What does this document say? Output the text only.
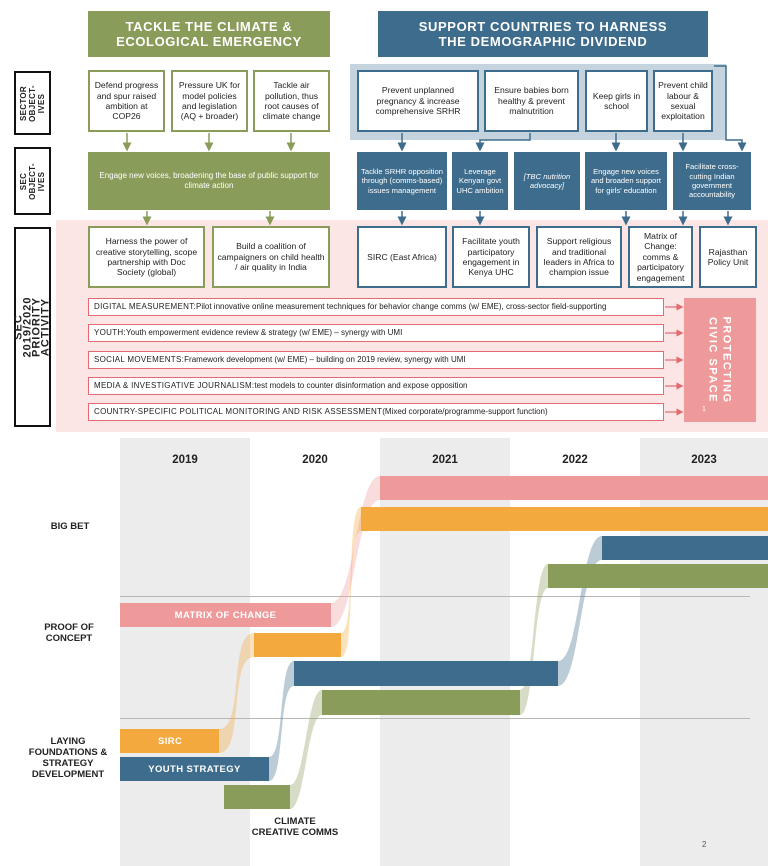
TACKLE THE CLIMATE & ECOLOGICAL EMERGENCY
SUPPORT COUNTRIES TO HARNESS THE DEMOGRAPHIC DIVIDEND
SECTOR OBJECT- IVES
SEC OBJECT- IVES
SEC 2019/2020 PRIORITY ACTIVITY
Defend progress and spur raised ambition at COP26
Pressure UK for model policies and legislation (AQ + broader)
Tackle air pollution, thus root causes of climate change
Prevent unplanned pregnancy & increase comprehensive SRHR
Ensure babies born healthy & prevent malnutrition
Keep girls in school
Prevent child labour & sexual exploitation
Engage new voices, broadening the base of public support for climate action
Tackle SRHR opposition through (comms-based) issues management
Leverage Kenyan govt UHC ambition
[TBC nutrition advocacy]
Engage new voices and broaden support for girls' education
Facilitate cross-cutting Indian government accountability
Harness the power of creative storytelling, scope partnership with Doc Society (global)
Build a coalition of campaigners on child health / air quality in India
SIRC (East Africa)
Facilitate youth participatory engagement in Kenya UHC
Support religious and traditional leaders in Africa to champion issue
Matrix of Change: comms & participatory engagement
Rajasthan Policy Unit
DIGITAL MEASUREMENT: Pilot innovative online measurement techniques for behavior change comms (w/ EME), cross-sector field-supporting
YOUTH: Youth empowerment evidence review & strategy (w/ EME) – synergy with UMI
SOCIAL MOVEMENTS: Framework development (w/ EME) – building on 2019 review, synergy with UMI
MEDIA & INVESTIGATIVE JOURNALISM: test models to counter disinformation and expose opposition
COUNTRY-SPECIFIC POLITICAL MONITORING AND RISK ASSESSMENT (Mixed corporate/programme-support function)
PROTECTING CIVIC SPACE
1
2019	2020	2021	2022	2023
BIG BET
PROOF OF CONCEPT
LAYING FOUNDATIONS & STRATEGY DEVELOPMENT
MATRIX OF CHANGE
SIRC
YOUTH STRATEGY
CLIMATE CREATIVE COMMS
2
